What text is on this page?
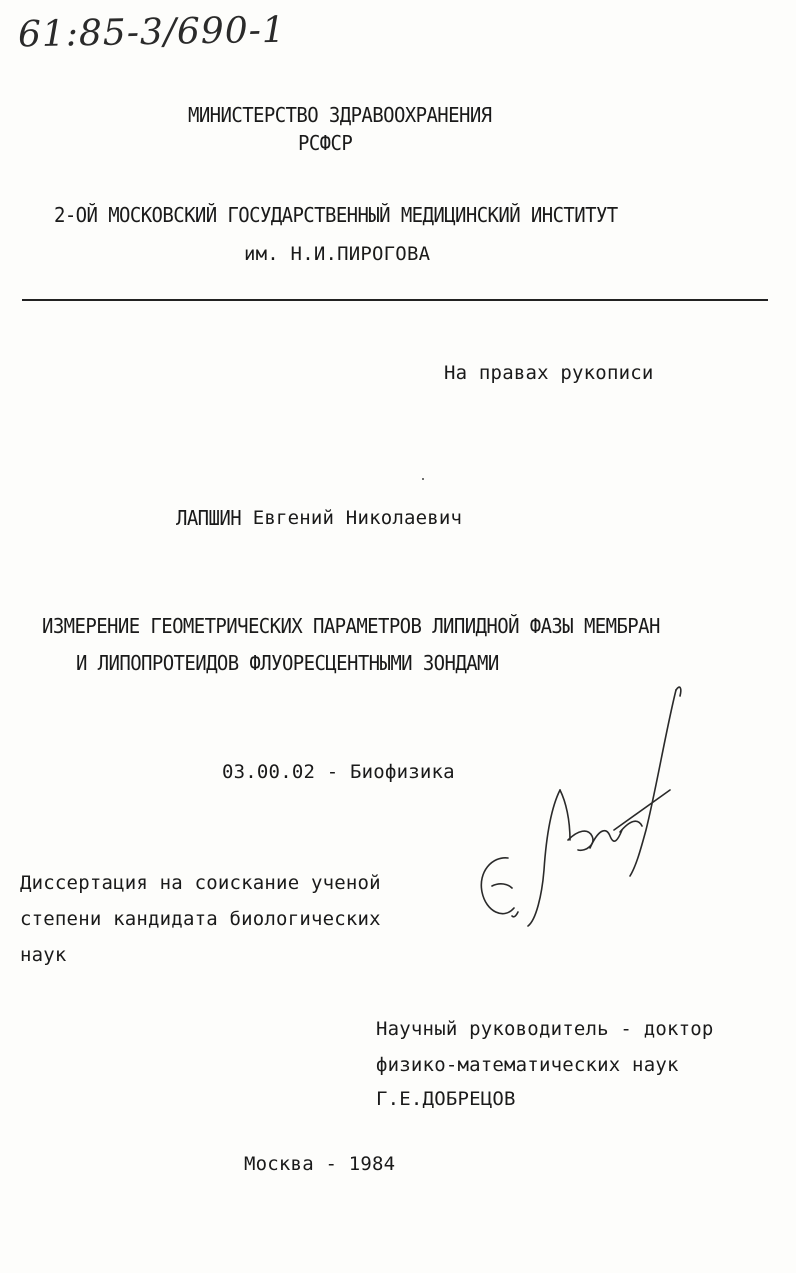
61:85-3/690-1
МИНИСТЕРСТВО ЗДРАВООХРАНЕНИЯ
РСФСР
2-ОЙ МОСКОВСКИЙ ГОСУДАРСТВЕННЫЙ МЕДИЦИНСКИЙ ИНСТИТУТ
им. Н.И.ПИРОГОВА
На правах рукописи
ЛАПШИН Евгений Николаевич
ИЗМЕРЕНИЕ ГЕОМЕТРИЧЕСКИХ ПАРАМЕТРОВ ЛИПИДНОЙ ФАЗЫ МЕМБРАН
И ЛИПОПРОТЕИДОВ ФЛУОРЕСЦЕНТНЫМИ ЗОНДАМИ
03.00.02 - Биофизика
Диссертация на соискание ученой
степени кандидата биологических
наук
Научный руководитель - доктор
физико-математических наук
Г.Е.ДОБРЕЦОВ
Москва - 1984
